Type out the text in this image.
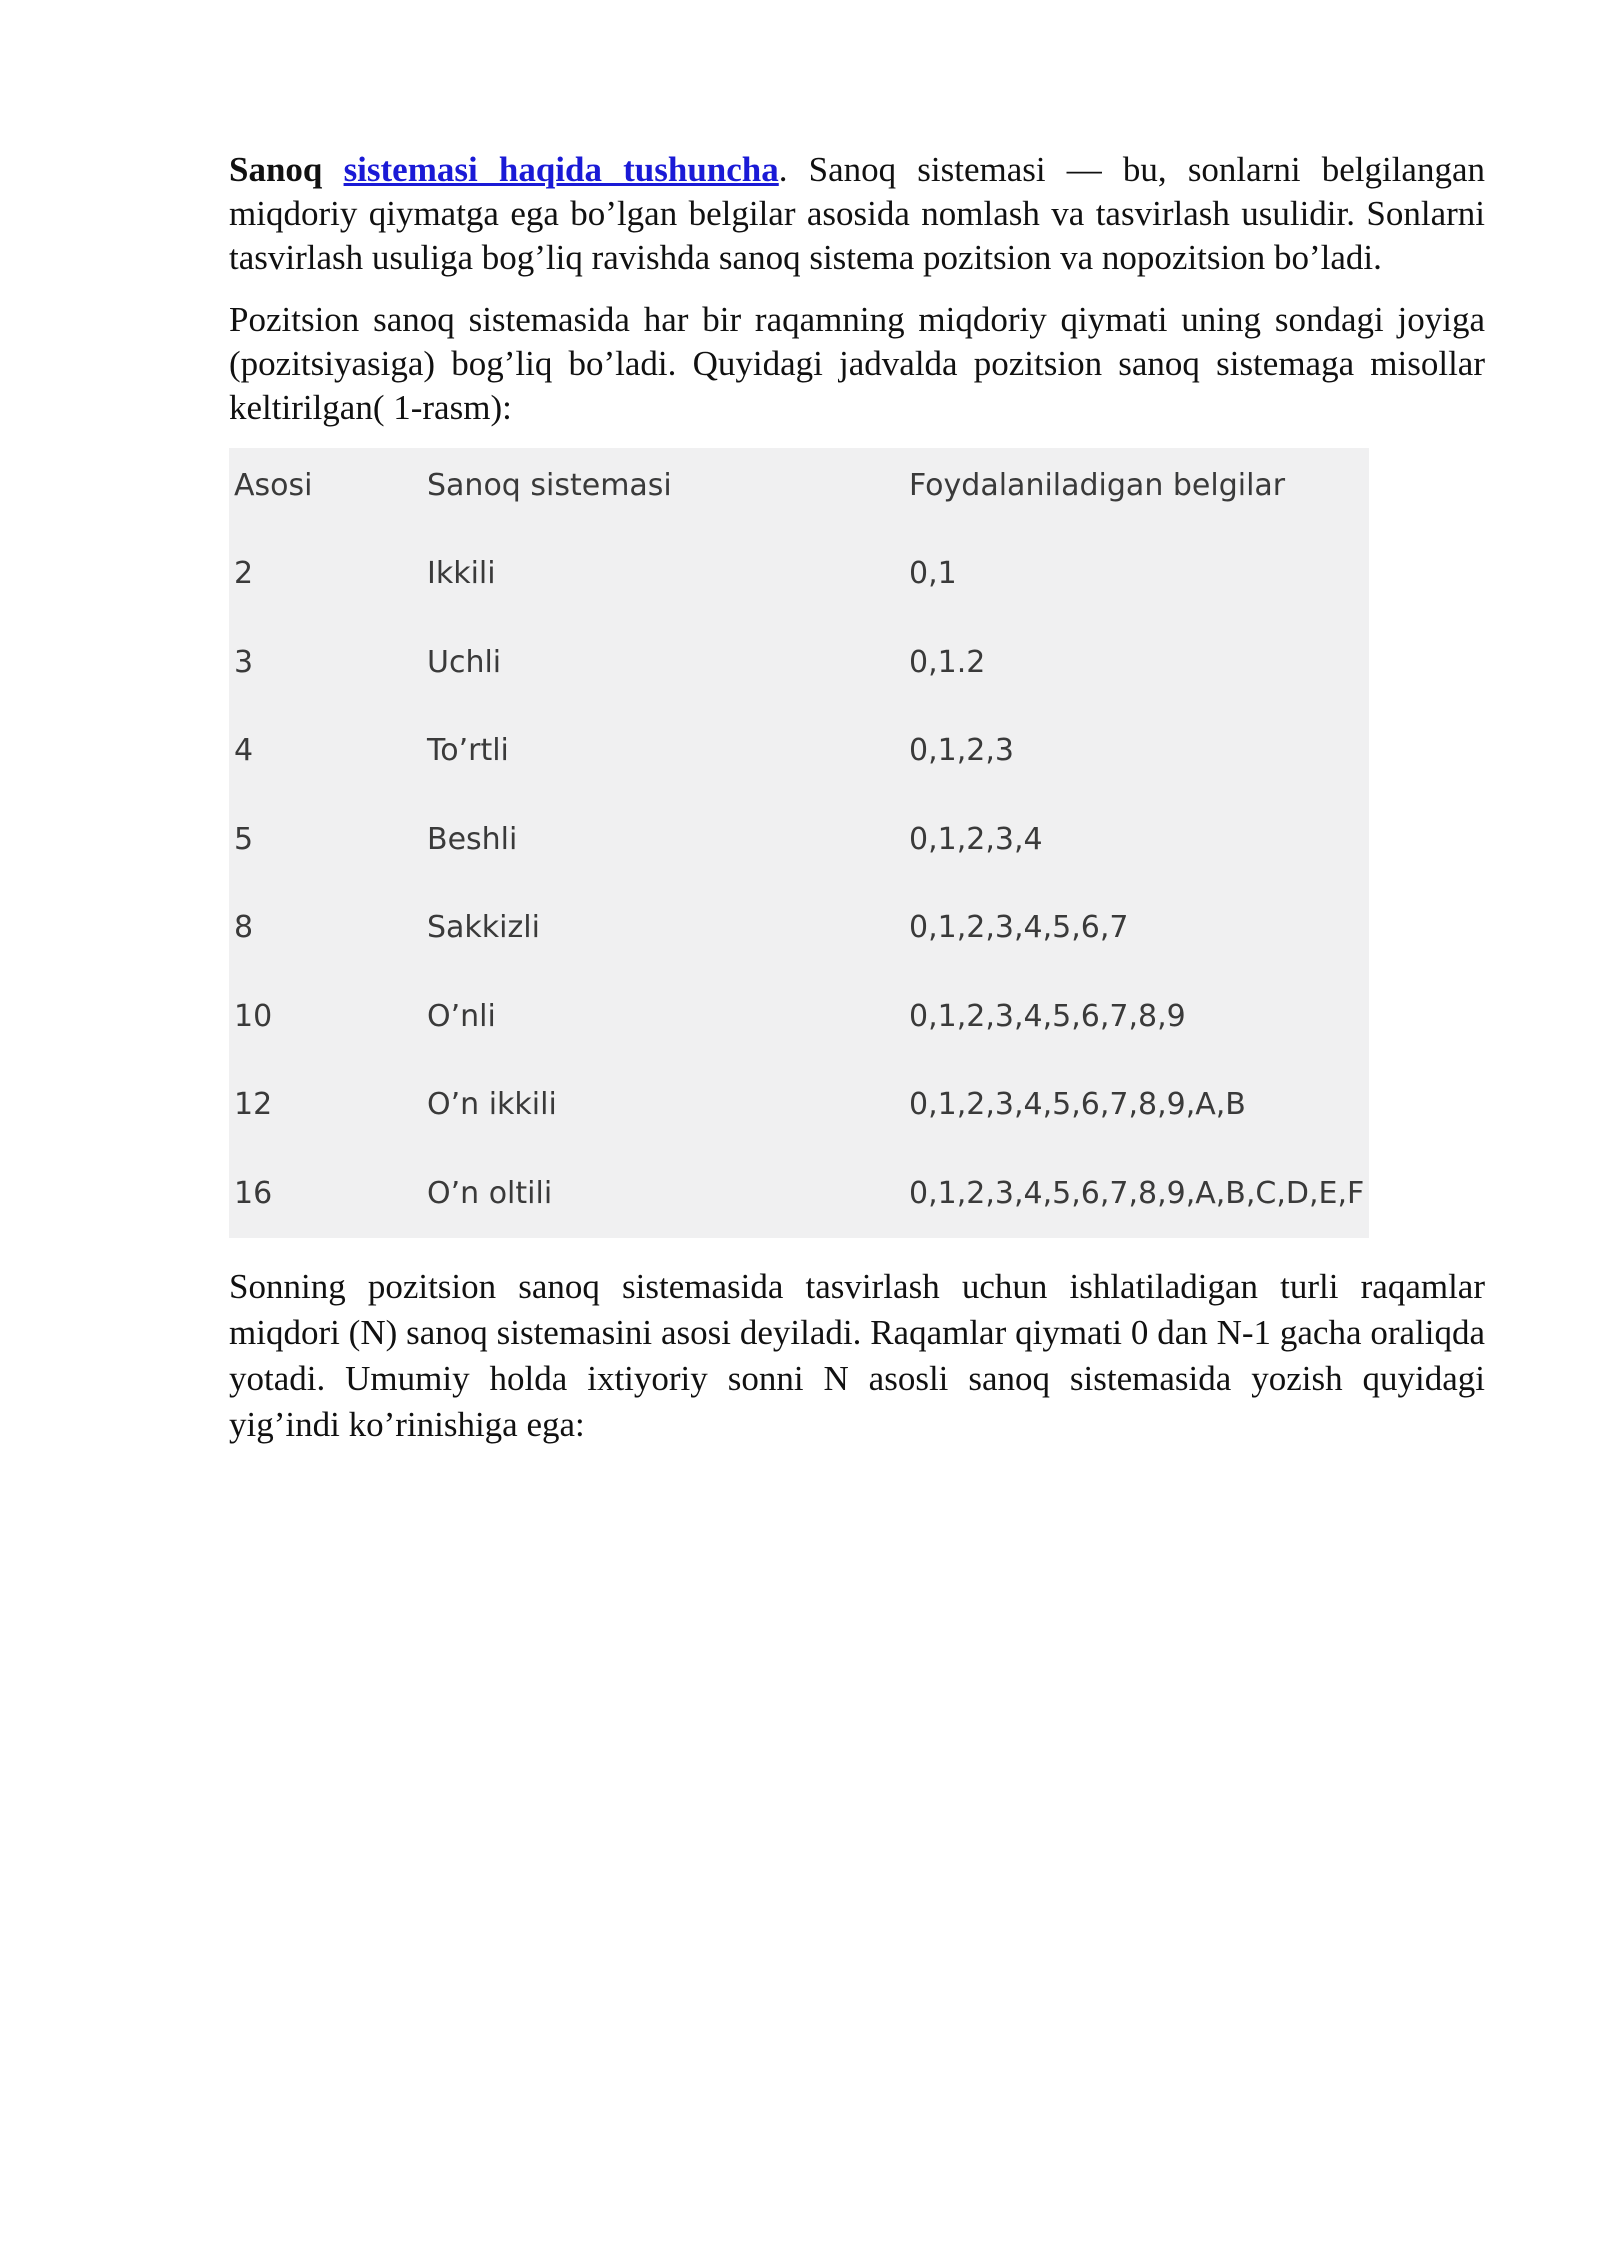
Sanoq sistemasi haqida tushuncha. Sanoq sistemasi — bu, sonlarni belgilangan miqdoriy qiymatga ega bo’lgan belgilar asosida nomlash va tasvirlash usulidir. Sonlarni tasvirlash usuliga bog’liq ravishda sanoq sistema pozitsion va nopozitsion bo’ladi.

Pozitsion sanoq sistemasida har bir raqamning miqdoriy qiymati uning sondagi joyiga (pozitsiyasiga) bog’liq bo’ladi. Quyidagi jadvalda pozitsion sanoq sistemaga misollar keltirilgan( 1-rasm):

Asosi	Sanoq sistemasi	Foydalaniladigan belgilar
2	Ikkili	0,1
3	Uchli	0,1.2
4	To’rtli	0,1,2,3
5	Beshli	0,1,2,3,4
8	Sakkizli	0,1,2,3,4,5,6,7
10	O’nli	0,1,2,3,4,5,6,7,8,9
12	O’n ikkili	0,1,2,3,4,5,6,7,8,9,A,B
16	O’n oltili	0,1,2,3,4,5,6,7,8,9,A,B,C,D,E,F

Sonning pozitsion sanoq sistemasida tasvirlash uchun ishlatiladigan turli raqamlar miqdori (N) sanoq sistemasini asosi deyiladi. Raqamlar qiymati 0 dan N-1 gacha oraliqda yotadi. Umumiy holda ixtiyoriy sonni N asosli sanoq sistemasida yozish quyidagi yig’indi ko’rinishiga ega:
